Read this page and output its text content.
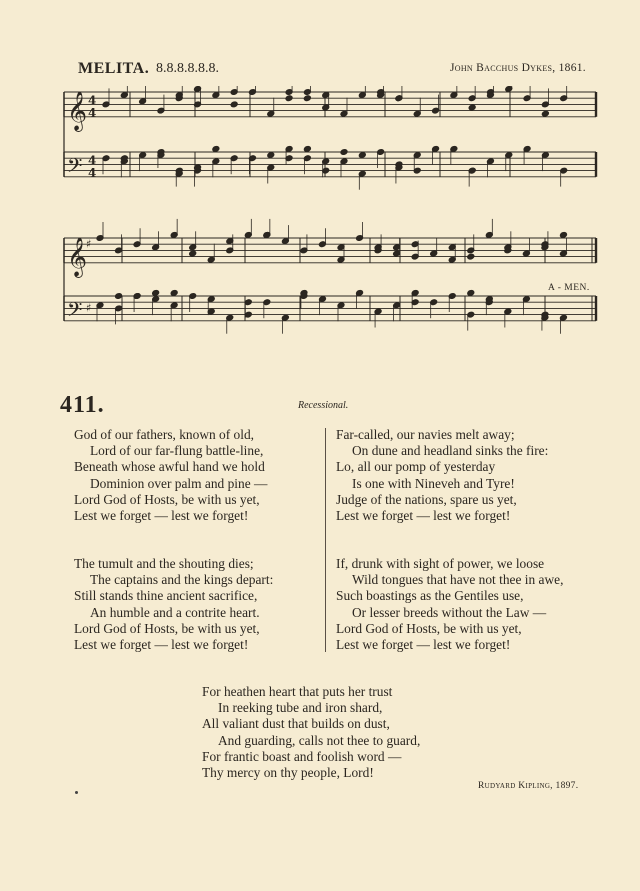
MELITA. 8.8.8.8.8.8.	John Bacchus Dykes, 1861.
𝄞 4
4
𝄢 4
4
𝄞
♯
𝄢 ♯
A - MEN.
411.	Recessional.
God of our fathers, known of old,
Lord of our far-flung battle-line,
Beneath whose awful hand we hold
Dominion over palm and pine —
Lord God of Hosts, be with us yet,
Lest we forget — lest we forget!
Far-called, our navies melt away;
On dune and headland sinks the fire:
Lo, all our pomp of yesterday
Is one with Nineveh and Tyre!
Judge of the nations, spare us yet,
Lest we forget — lest we forget!
The tumult and the shouting dies;
The captains and the kings depart:
Still stands thine ancient sacrifice,
An humble and a contrite heart.
Lord God of Hosts, be with us yet,
Lest we forget — lest we forget!
If, drunk with sight of power, we loose
Wild tongues that have not thee in awe,
Such boastings as the Gentiles use,
Or lesser breeds without the Law —
Lord God of Hosts, be with us yet,
Lest we forget — lest we forget!
For heathen heart that puts her trust
In reeking tube and iron shard,
All valiant dust that builds on dust,
And guarding, calls not thee to guard,
For frantic boast and foolish word —
Thy mercy on thy people, Lord!
Rudyard Kipling, 1897.
